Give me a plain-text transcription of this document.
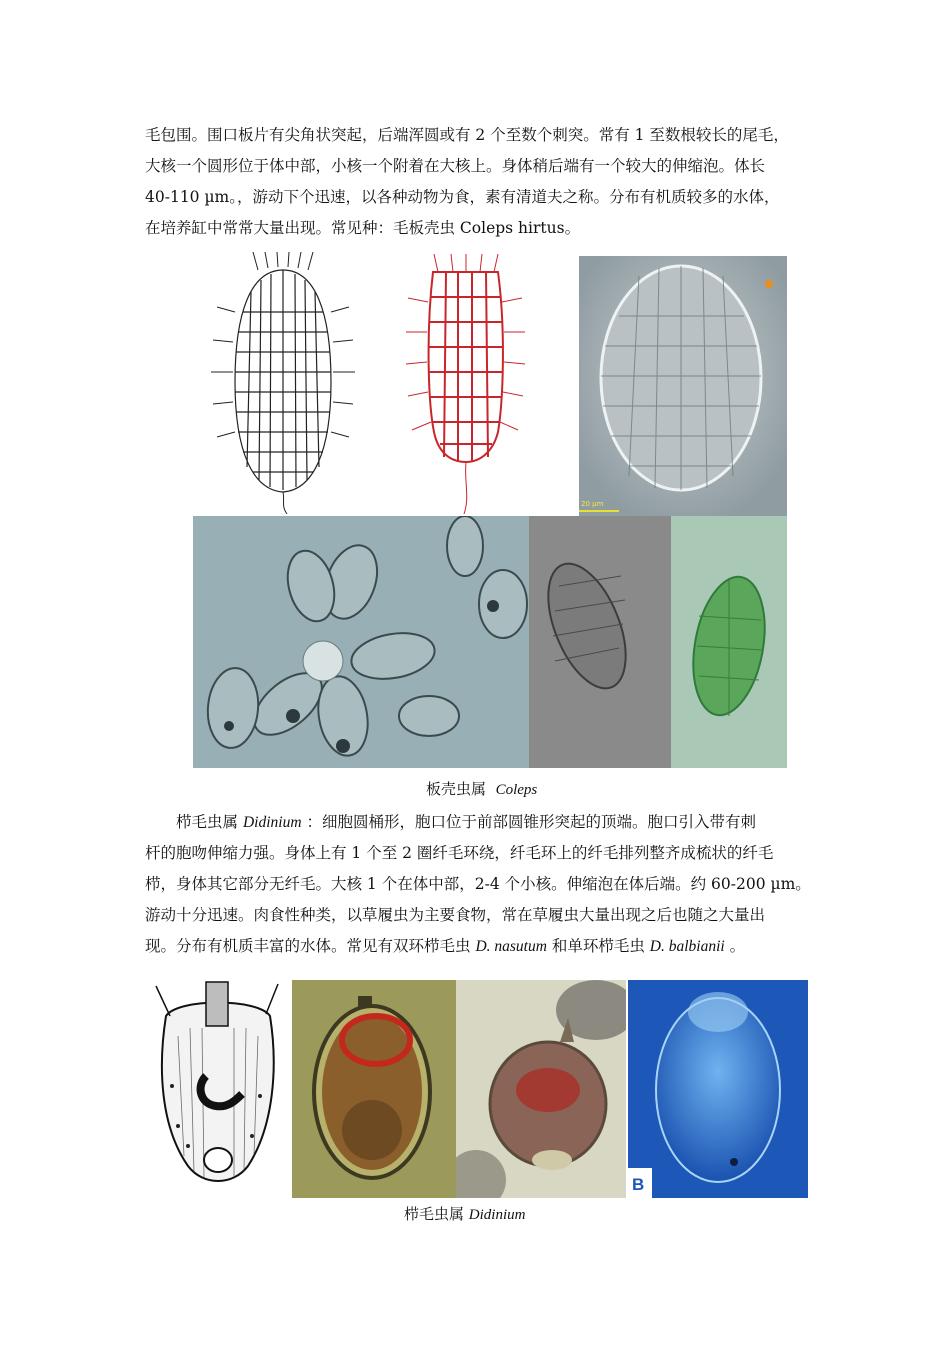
毛包围。围口板片有尖角状突起，后端浑圆或有 2 个至数个刺突。常有 1 至数根较长的尾毛，

大核一个圆形位于体中部，小核一个附着在大核上。身体稍后端有一个较大的伸缩泡。体长

40-110 µm。，游动下个迅速，以各种动物为食，素有清道夫之称。分布有机质较多的水体，

在培养缸中常常大量出现。常见种：毛板壳虫 Coleps hirtus。

20 µm
板壳虫属 Coleps

栉毛虫属 Didinium ：细胞圆桶形，胞口位于前部圆锥形突起的顶端。胞口引入带有刺

杆的胞吻伸缩力强。身体上有 1 个至 2 圈纤毛环绕，纤毛环上的纤毛排列整齐成梳状的纤毛

栉，身体其它部分无纤毛。大核 1 个在体中部，2-4 个小核。伸缩泡在体后端。约 60-200 µm。

游动十分迅速。肉食性种类，以草履虫为主要食物，常在草履虫大量出现之后也随之大量出

现。分布有机质丰富的水体。常见有双环栉毛虫 D. nasutum 和单环栉毛虫 D. balbianii 。

B
栉毛虫属 Didinium
